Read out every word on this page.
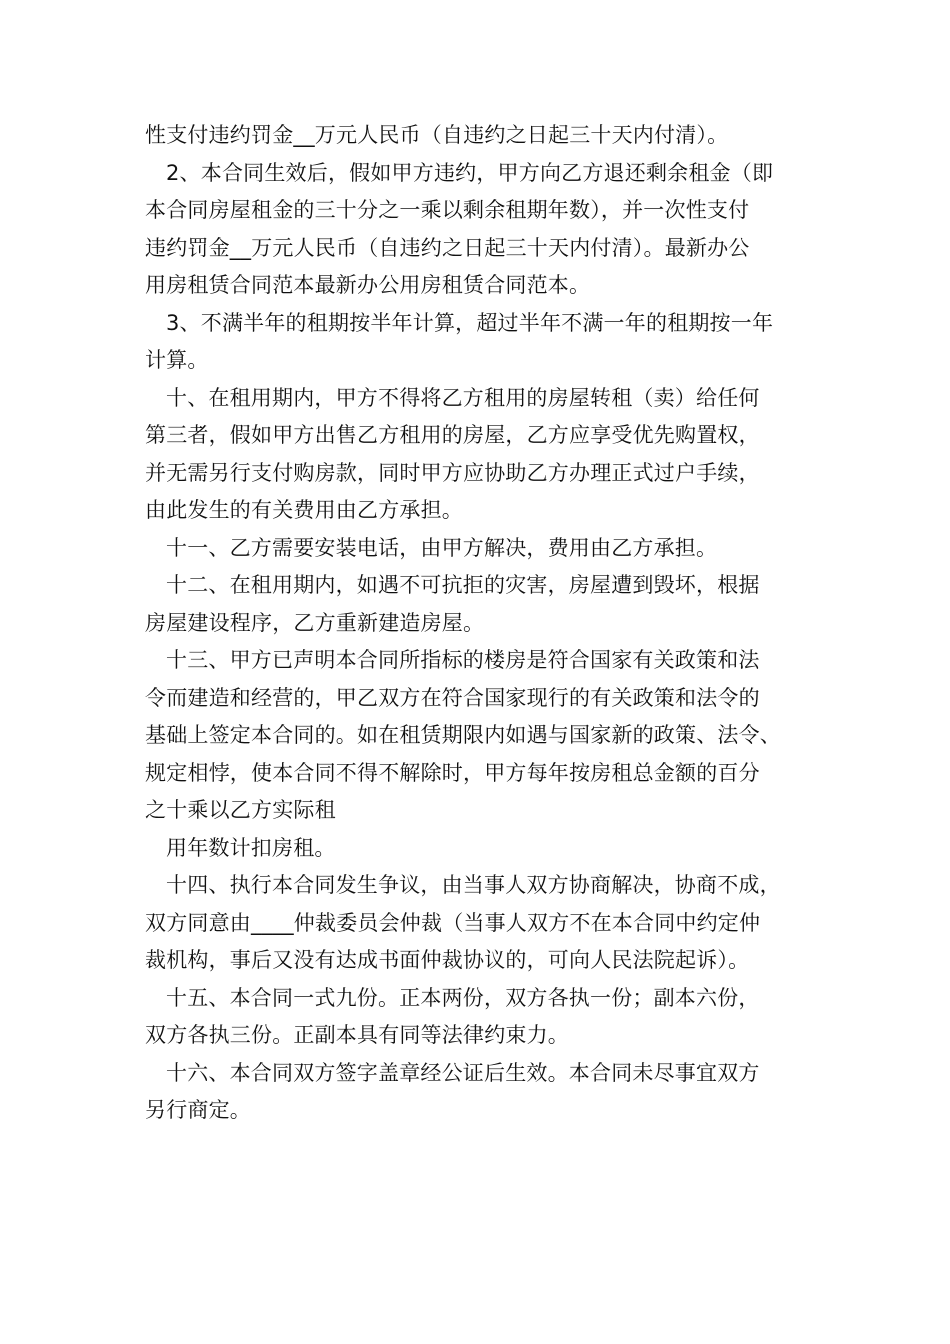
性支付违约罚金__万元人民币（自违约之日起三十天内付清）。
2、本合同生效后，假如甲方违约，甲方向乙方退还剩余租金（即
本合同房屋租金的三十分之一乘以剩余租期年数），并一次性支付
违约罚金__万元人民币（自违约之日起三十天内付清）。最新办公
用房租赁合同范本最新办公用房租赁合同范本。
3、不满半年的租期按半年计算，超过半年不满一年的租期按一年
计算。
十、在租用期内，甲方不得将乙方租用的房屋转租（卖）给任何
第三者，假如甲方出售乙方租用的房屋，乙方应享受优先购置权，
并无需另行支付购房款，同时甲方应协助乙方办理正式过户手续，
由此发生的有关费用由乙方承担。
十一、乙方需要安装电话，由甲方解决，费用由乙方承担。
十二、在租用期内，如遇不可抗拒的灾害，房屋遭到毁坏，根据
房屋建设程序，乙方重新建造房屋。
十三、甲方已声明本合同所指标的楼房是符合国家有关政策和法
令而建造和经营的，甲乙双方在符合国家现行的有关政策和法令的
基础上签定本合同的。如在租赁期限内如遇与国家新的政策、法令、
规定相悖，使本合同不得不解除时，甲方每年按房租总金额的百分
之十乘以乙方实际租
用年数计扣房租。
十四、执行本合同发生争议，由当事人双方协商解决，协商不成，
双方同意由____仲裁委员会仲裁（当事人双方不在本合同中约定仲
裁机构，事后又没有达成书面仲裁协议的，可向人民法院起诉）。
十五、本合同一式九份。正本两份，双方各执一份；副本六份，
双方各执三份。正副本具有同等法律约束力。
十六、本合同双方签字盖章经公证后生效。本合同未尽事宜双方
另行商定。
